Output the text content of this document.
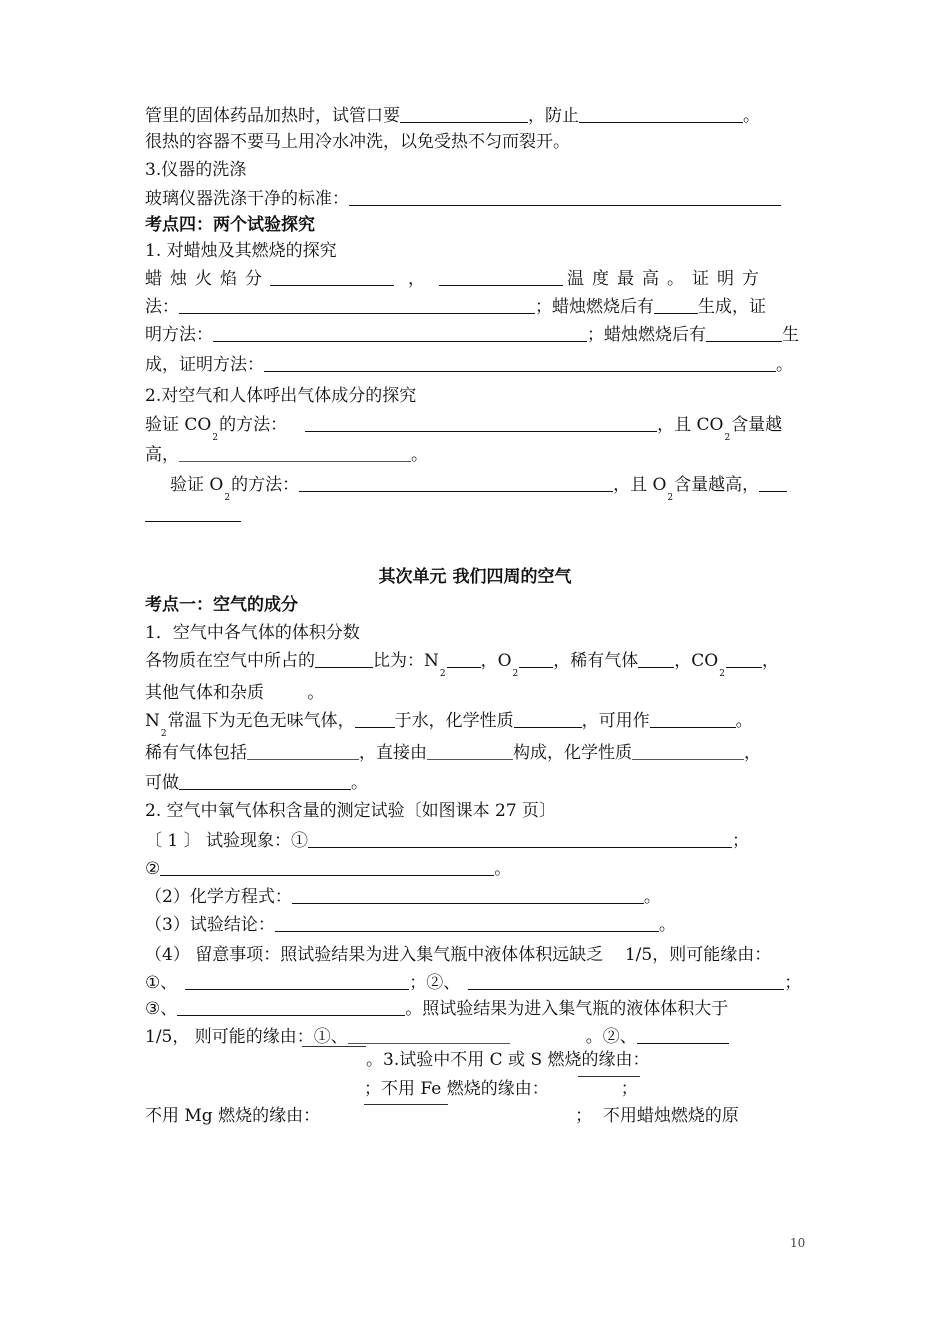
管里的固体药品加热时，试管口要	，防止	。
很热的容器不要马上用冷水冲洗，以免受热不匀而裂开。
3.仪器的洗涤
玻璃仪器洗涤干净的标准：
考点四：两个试验探究
1. 对蜡烛及其燃烧的探究
蜡烛火焰分	，	温度最高。证明方
法：	；蜡烛燃烧后有	生成，证
明方法：	；蜡烛燃烧后有	生
成，证明方法：	。
2.对空气和人体呼出气体成分的探究
验证 $CO_2$的方法：	，且 $CO_2$含量越
高，	。
验证 $O_2$的方法：	，且 $O_2$含量越高，
其次单元 我们四周的空气
考点一：空气的成分
1．空气中各气体的体积分数
各物质在空气中所占的	比为：$N_2$，$O_2$，稀有气体 ，$CO_2$，
其他气体和杂质        。
$N_2$常温下为无色无味气体， 于水，化学性质	，可用作	。
稀有气体包括	，直接由	构成，化学性质	，
可做	。
2. 空气中氧气体积含量的测定试验〔如图课本 27 页〕
〔 1 〕 试验现象：①	；
②	。
（2）化学方程式：	。
（3）试验结论：	。
（4） 留意事项：照试验结果为进入集气瓶中液体体积远缺乏    1/5，则可能缘由：
①、	；②、	；
③、	。照试验结果为进入集气瓶的液体体积大于
1/5， 则可能的缘由：①、	。②、
。3.试验中不用 C 或 S 燃烧的缘由：
；不用 Fe 燃烧的缘由：	；
不用 Mg 燃烧的缘由：	；  不用蜡烛燃烧的原
10
